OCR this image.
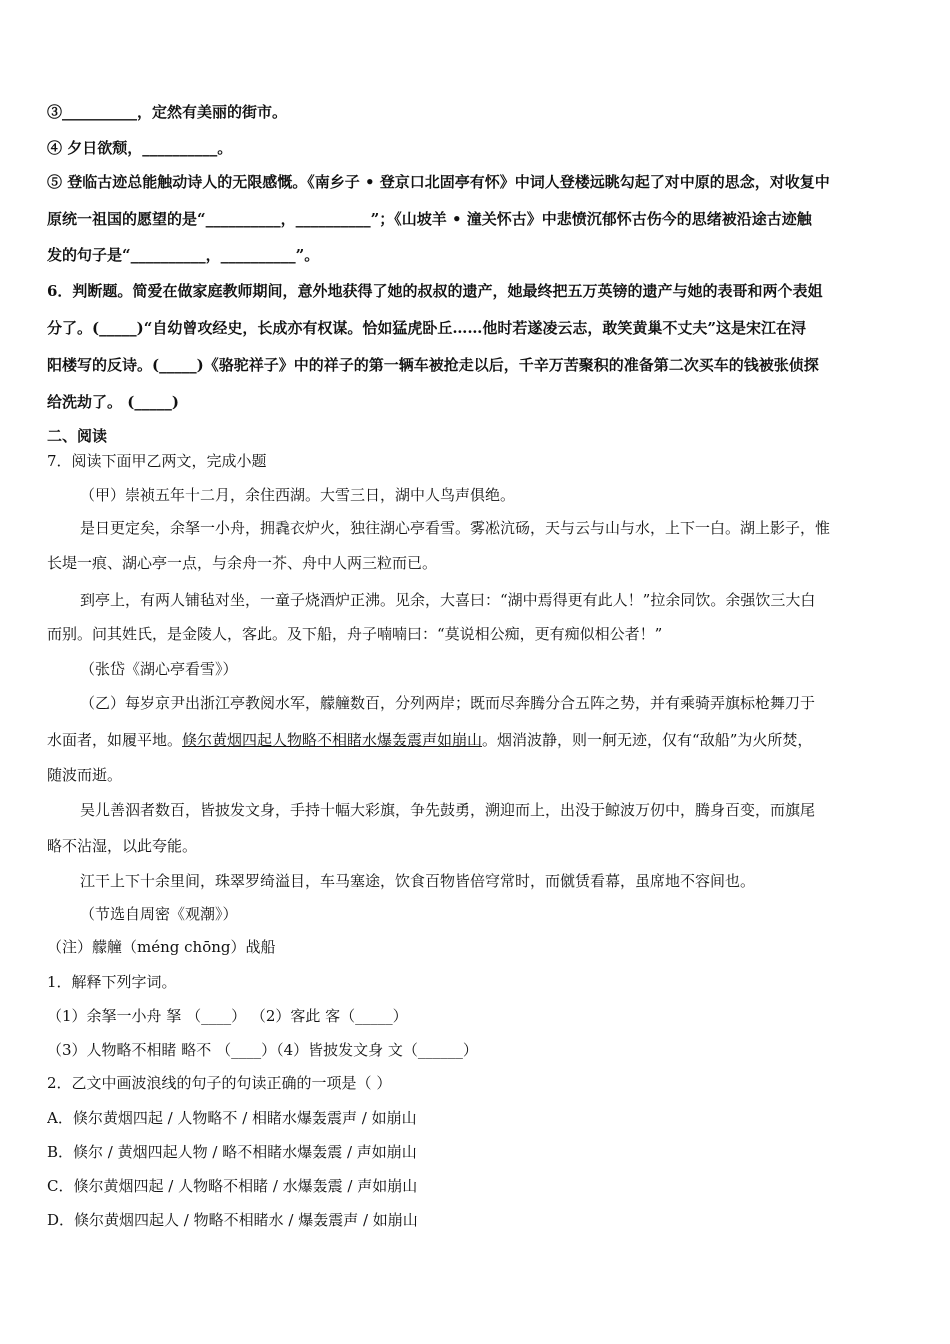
③__________，定然有美丽的街市。
④ 夕日欲颓，__________。
⑤ 登临古迹总能触动诗人的无限感慨。《南乡子 • 登京口北固亭有怀》中词人登楼远眺勾起了对中原的思念，对收复中
原统一祖国的愿望的是“__________，__________”；《山坡羊 • 潼关怀古》中悲愤沉郁怀古伤今的思绪被沿途古迹触
发的句子是“__________，__________”。
6．判断题。简爱在做家庭教师期间，意外地获得了她的叔叔的遗产，她最终把五万英镑的遗产与她的表哥和两个表姐
分了。(_____)“自幼曾攻经史，长成亦有权谋。恰如猛虎卧丘……他时若遂凌云志，敢笑黄巢不丈夫”这是宋江在浔
阳楼写的反诗。(_____)《骆驼祥子》中的祥子的第一辆车被抢走以后，千辛万苦聚积的准备第二次买车的钱被张侦探
给洗劫了。 (_____)
二、阅读
7．阅读下面甲乙两文，完成小题
（甲）崇祯五年十二月，余住西湖。大雪三日，湖中人鸟声俱绝。
是日更定矣，余拏一小舟，拥毳衣炉火，独往湖心亭看雪。雾凇沆砀，天与云与山与水，上下一白。湖上影子，惟
长堤一痕、湖心亭一点，与余舟一芥、舟中人两三粒而已。
到亭上，有两人铺毡对坐，一童子烧酒炉正沸。见余，大喜曰：“湖中焉得更有此人！”拉余同饮。余强饮三大白
而别。问其姓氏，是金陵人，客此。及下船，舟子喃喃曰：“莫说相公痴，更有痴似相公者！”
（张岱《湖心亭看雪》）
（乙）每岁京尹出浙江亭教阅水军，艨艟数百，分列两岸；既而尽奔腾分合五阵之势，并有乘骑弄旗标枪舞刀于
水面者，如履平地。倏尔黄烟四起人物略不相睹水爆轰震声如崩山。烟消波静，则一舸无迹，仅有“敌船”为火所焚，
随波而逝。
吴儿善泅者数百，皆披发文身，手持十幅大彩旗，争先鼓勇，溯迎而上，出没于鲸波万仞中，腾身百变，而旗尾
略不沾湿，以此夸能。
江干上下十余里间，珠翠罗绮溢目，车马塞途，饮食百物皆倍穹常时，而僦赁看幕，虽席地不容间也。
（节选自周密《观潮》）
（注）艨艟（méng chōng）战船
1．解释下列字词。
（1）余拏一小舟 拏 （____） （2）客此 客（_____）
（3）人物略不相睹 略不 （____）（4）皆披发文身 文（______）
2．乙文中画波浪线的句子的句读正确的一项是（ ）
A．倏尔黄烟四起 / 人物略不 / 相睹水爆轰震声 / 如崩山
B．倏尔 / 黄烟四起人物 / 略不相睹水爆轰震 / 声如崩山
C．倏尔黄烟四起 / 人物略不相睹 / 水爆轰震 / 声如崩山
D．倏尔黄烟四起人 / 物略不相睹水 / 爆轰震声 / 如崩山
